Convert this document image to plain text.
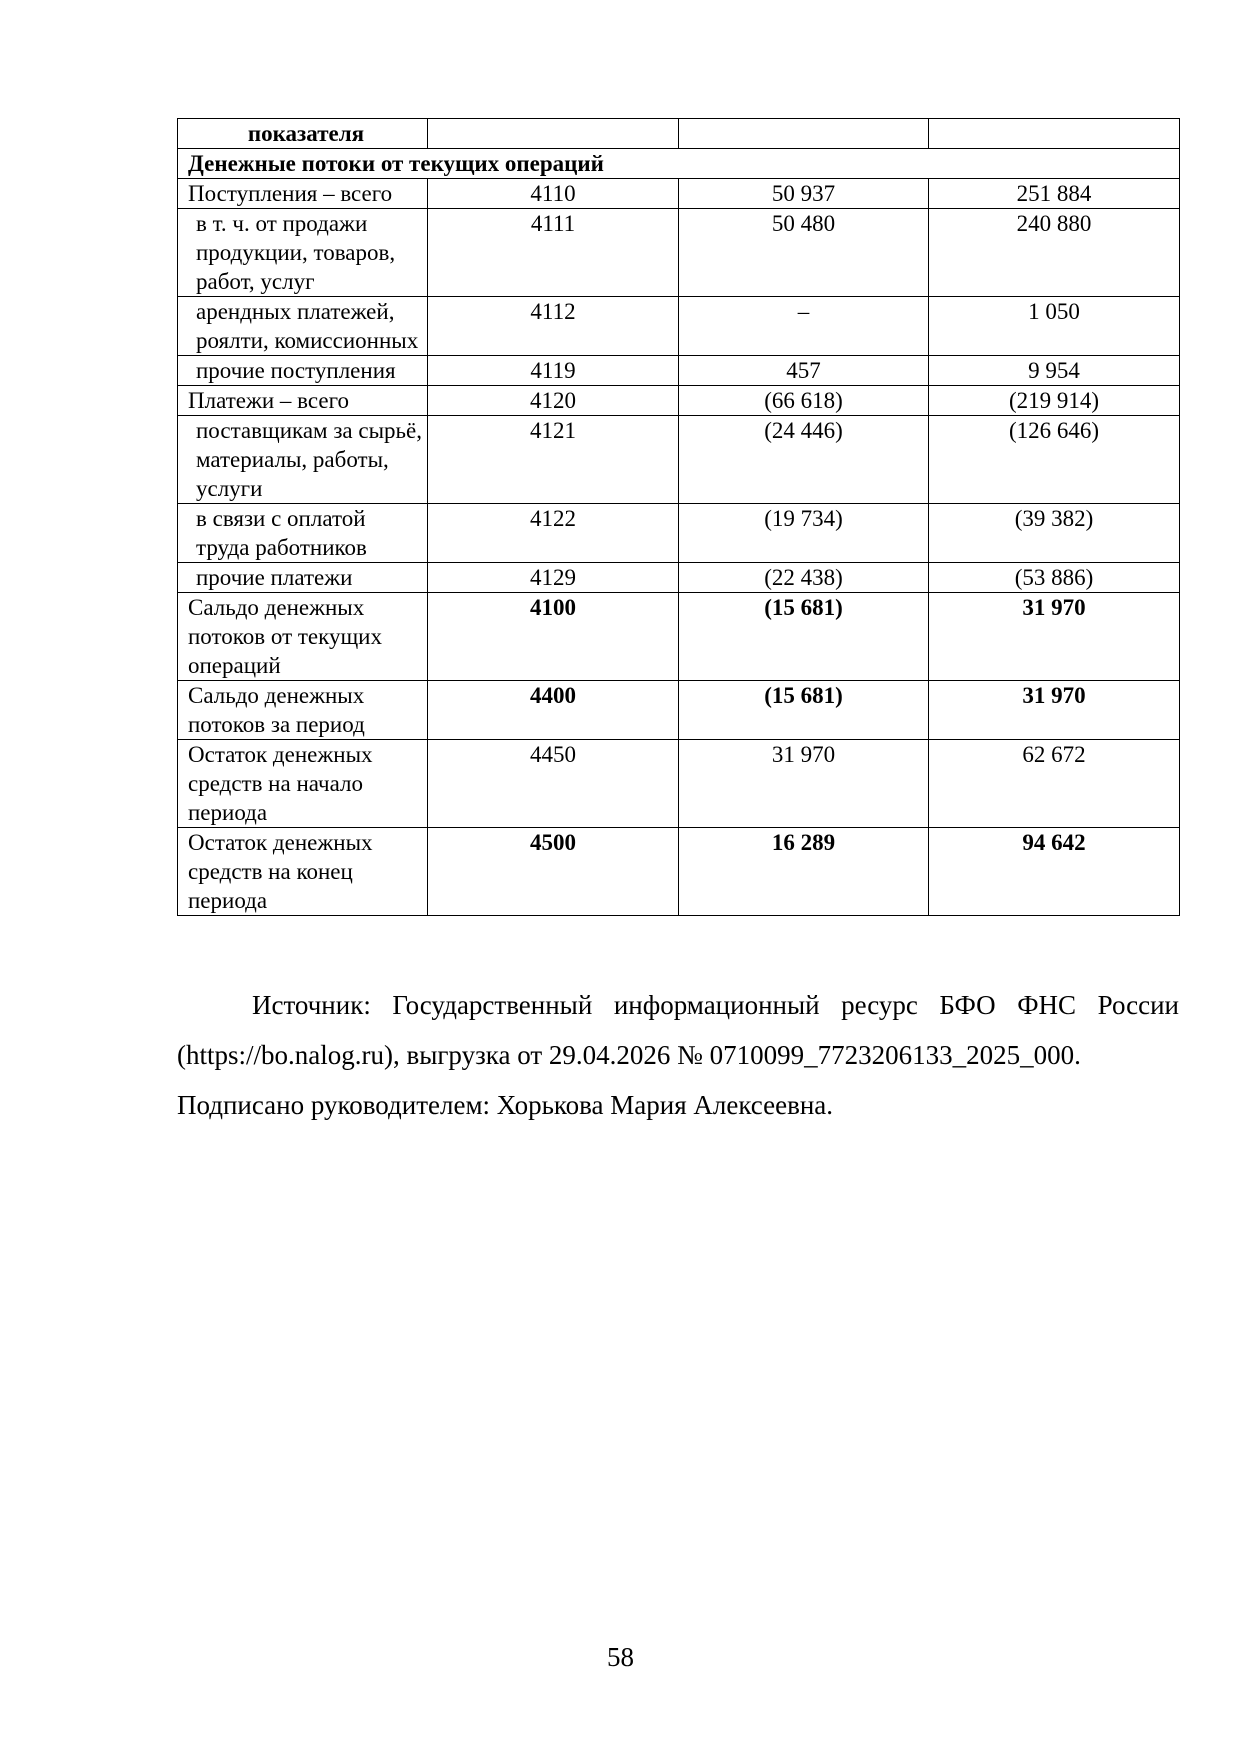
показателя			
Денежные потоки от текущих операций			
Поступления – всего	4110	50 937	251 884
в т. ч. от продажи продукции, товаров, работ, услуг	4111	50 480	240 880
арендных платежей, роялти, комиссионных	4112	–	1 050
прочие поступления	4119	457	9 954
Платежи – всего	4120	(66 618)	(219 914)
поставщикам за сырьё, материалы, работы, услуги	4121	(24 446)	(126 646)
в связи с оплатой труда работников	4122	(19 734)	(39 382)
прочие платежи	4129	(22 438)	(53 886)
Сальдо денежных потоков от текущих операций	4100	(15 681)	31 970
Сальдо денежных потоков за период	4400	(15 681)	31 970
Остаток денежных средств на начало периода	4450	31 970	62 672
Остаток денежных средств на конец периода	4500	16 289	94 642

Источник: Государственный информационный ресурс БФО ФНС России

(https://bo.nalog.ru), выгрузка от 29.04.2026 № 0710099_7723206133_2025_000.

Подписано руководителем: Хорькова Мария Алексеевна.

58
